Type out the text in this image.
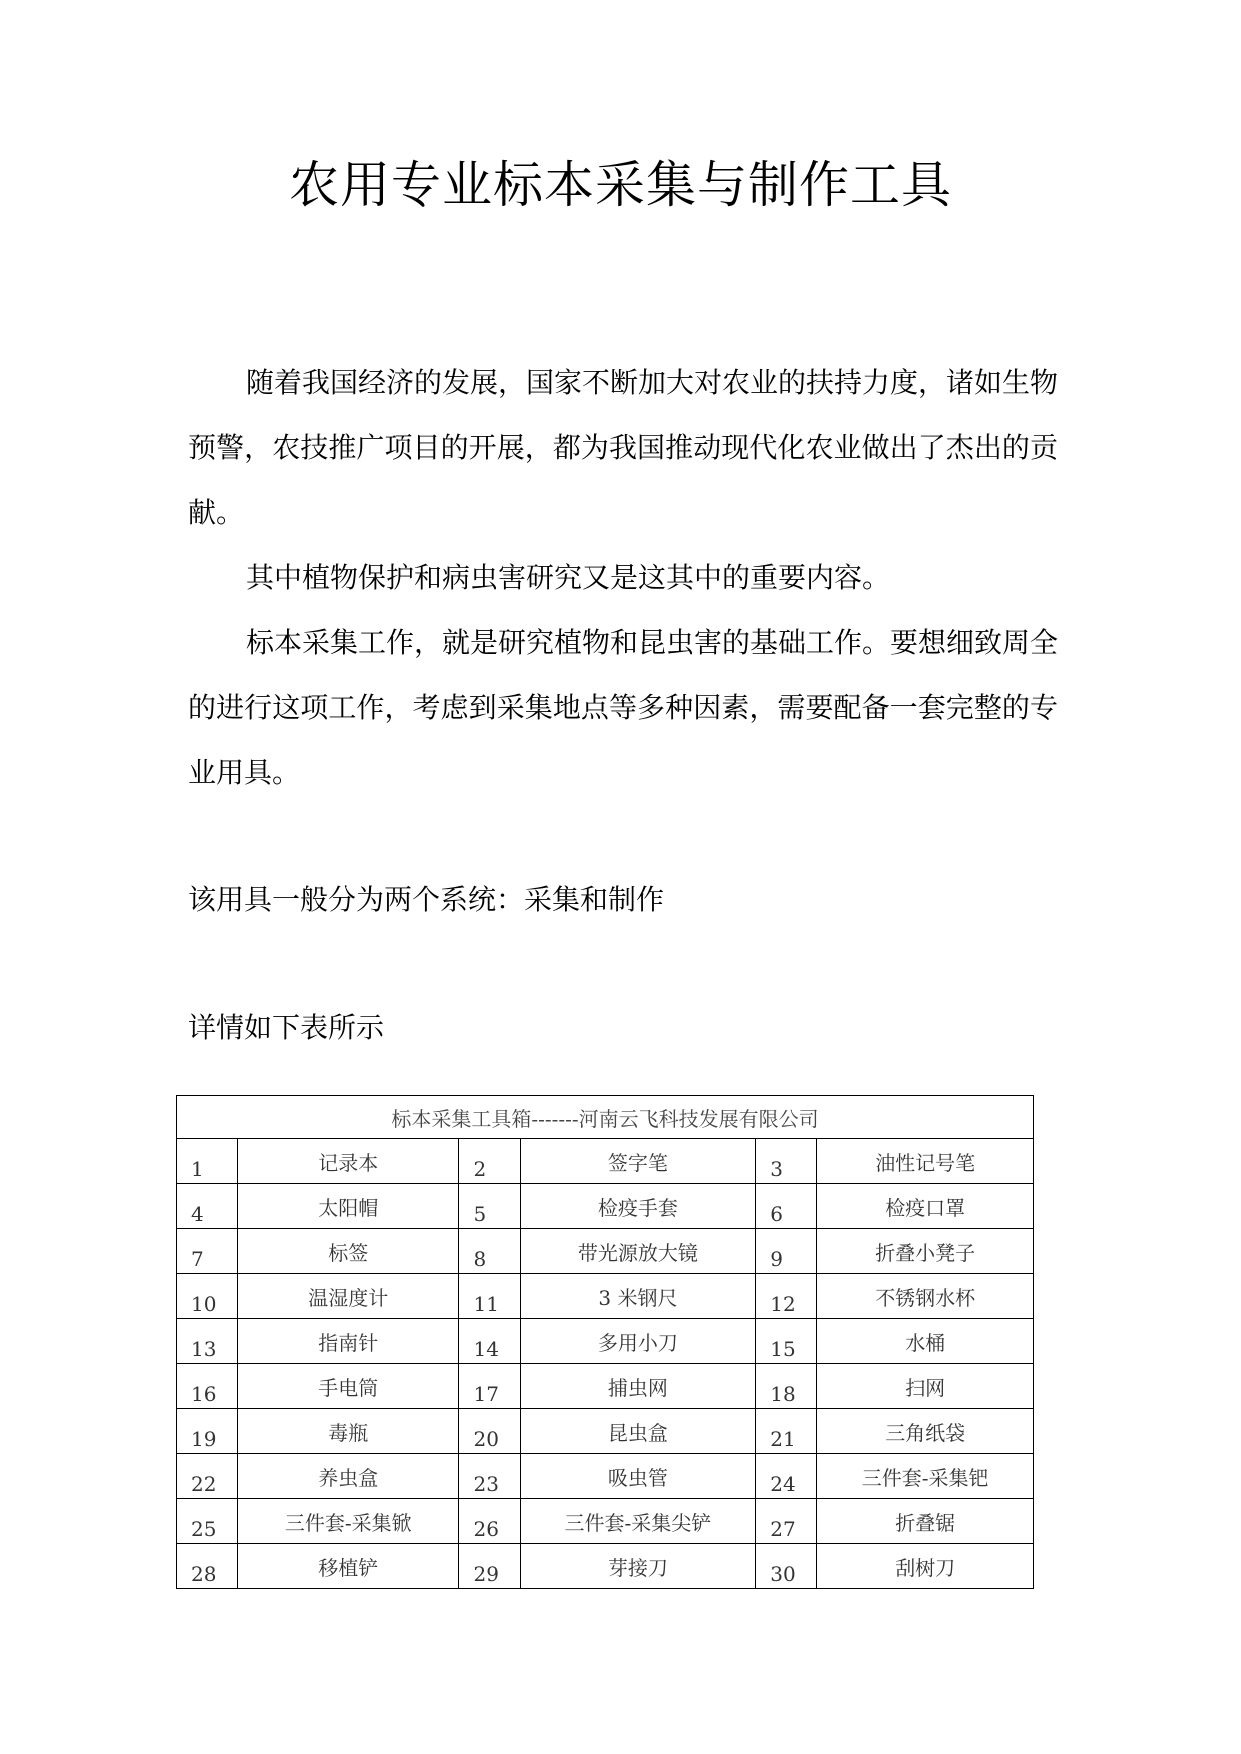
农用专业标本采集与制作工具
随着我国经济的发展，国家不断加大对农业的扶持力度，诸如生物预警，农技推广项目的开展，都为我国推动现代化农业做出了杰出的贡献。
其中植物保护和病虫害研究又是这其中的重要内容。
标本采集工作，就是研究植物和昆虫害的基础工作。要想细致周全的进行这项工作，考虑到采集地点等多种因素，需要配备一套完整的专业用具。
该用具一般分为两个系统：采集和制作
详情如下表所示
标本采集工具箱-------河南云飞科技发展有限公司					
1	记录本	2	签字笔	3	油性记号笔
4	太阳帽	5	检疫手套	6	检疫口罩
7	标签	8	带光源放大镜	9	折叠小凳子
10	温湿度计	11	3 米钢尺	12	不锈钢水杯
13	指南针	14	多用小刀	15	水桶
16	手电筒	17	捕虫网	18	扫网
19	毒瓶	20	昆虫盒	21	三角纸袋
22	养虫盒	23	吸虫管	24	三件套-采集钯
25	三件套-采集锨	26	三件套-采集尖铲	27	折叠锯
28	移植铲	29	芽接刀	30	刮树刀
